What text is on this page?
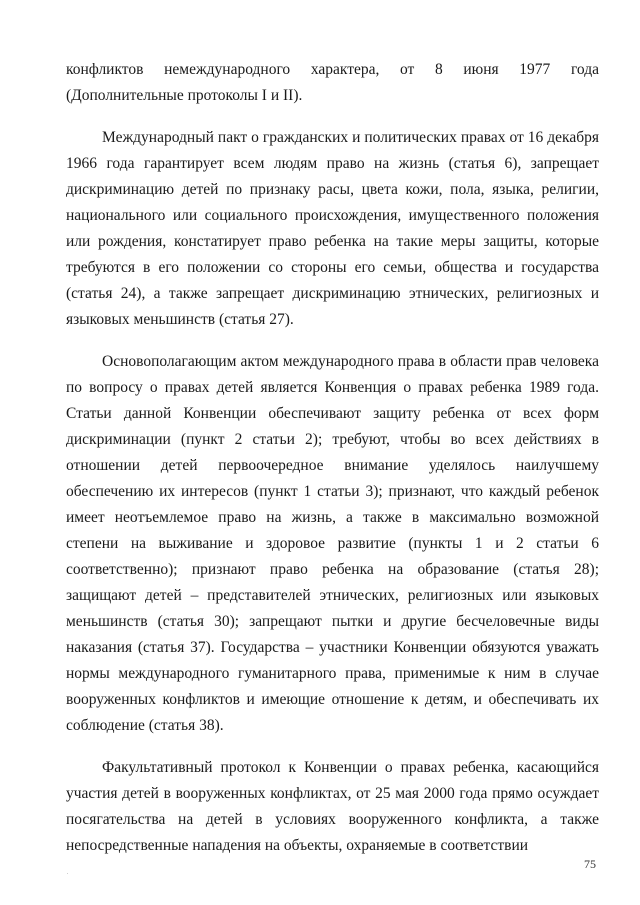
конфликтов немеждународного характера, от 8 июня 1977 года (Дополнительные протоколы I и II).

Международный пакт о гражданских и политических правах от 16 декабря 1966 года гарантирует всем людям право на жизнь (статья 6), запрещает дискриминацию детей по признаку расы, цвета кожи, пола, языка, религии, национального или социального происхождения, имущественного положения или рождения, констатирует право ребенка на такие меры защиты, которые требуются в его положении со стороны его семьи, общества и государства (статья 24), а также запрещает дискриминацию этнических, религиозных и языковых меньшинств (статья 27).

Основополагающим актом международного права в области прав человека по вопросу о правах детей является Конвенция о правах ребенка 1989 года. Статьи данной Конвенции обеспечивают защиту ребенка от всех форм дискриминации (пункт 2 статьи 2); требуют, чтобы во всех действиях в отношении детей первоочередное внимание уделялось наилучшему обеспечению их интересов (пункт 1 статьи 3); признают, что каждый ребенок имеет неотъемлемое право на жизнь, а также в максимально возможной степени на выживание и здоровое развитие (пункты 1 и 2 статьи 6 соответственно); признают право ребенка на образование (статья 28); защищают детей – представителей этнических, религиозных или языковых меньшинств (статья 30); запрещают пытки и другие бесчеловечные виды наказания (статья 37). Государства – участники Конвенции обязуются уважать нормы международного гуманитарного права, применимые к ним в случае вооруженных конфликтов и имеющие отношение к детям, и обеспечивать их соблюдение (статья 38).

Факультативный протокол к Конвенции о правах ребенка, касающийся участия детей в вооруженных конфликтах, от 25 мая 2000 года прямо осуждает посягательства на детей в условиях вооруженного конфликта, а также непосредственные нападения на объекты, охраняемые в соответствии

75
